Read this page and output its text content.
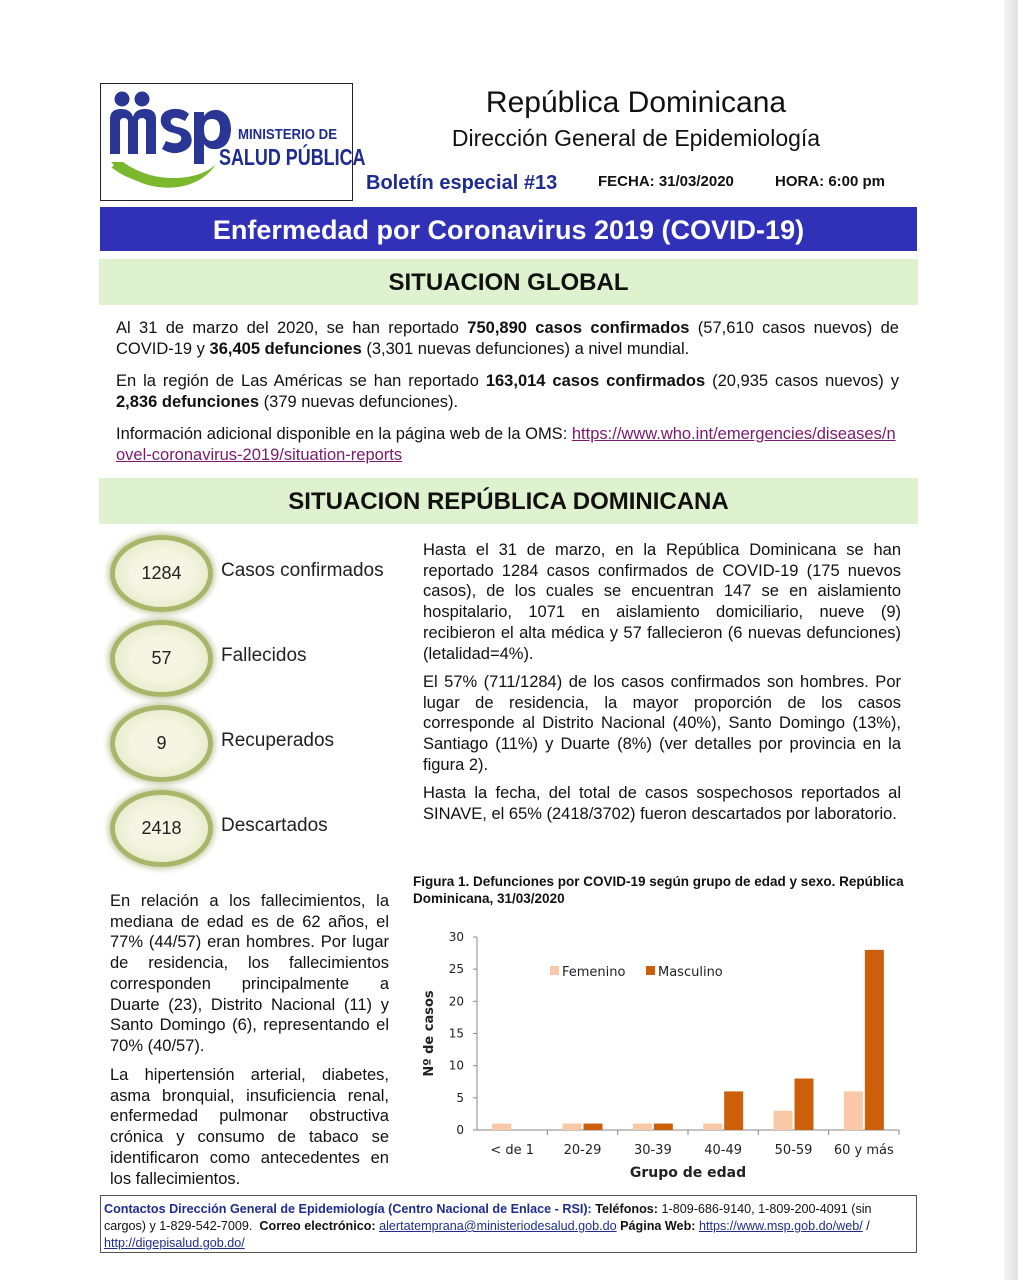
MINISTERIO DE
SALUD PÚBLICA
República Dominicana
Dirección General de Epidemiología
Boletín especial #13	FECHA: 31/03/2020	HORA: 6:00 pm
Enfermedad por Coronavirus 2019 (COVID-19)
SITUACION GLOBAL
Al 31 de marzo del 2020, se han reportado 750,890 casos confirmados (57,610 casos nuevos) de COVID-19 y 36,405 defunciones (3,301 nuevas defunciones) a nivel mundial.
En la región de Las Américas se han reportado 163,014 casos confirmados (20,935 casos nuevos) y 2,836 defunciones (379 nuevas defunciones).
Información adicional disponible en la página web de la OMS: https://www.who.int/emergencies/diseases/novel-coronavirus-2019/situation-reports
SITUACION REPÚBLICA DOMINICANA
1284	Casos confirmados
57	Fallecidos
9	Recuperados
2418	Descartados
Hasta el 31 de marzo, en la República Dominicana se han reportado 1284 casos confirmados de COVID-19 (175 nuevos casos), de los cuales se encuentran 147 se en aislamiento hospitalario, 1071 en aislamiento domiciliario, nueve (9) recibieron el alta médica y 57 fallecieron (6 nuevas defunciones) (letalidad=4%).
El 57% (711/1284) de los casos confirmados son hombres. Por lugar de residencia, la mayor proporción de los casos corresponde al Distrito Nacional (40%), Santo Domingo (13%), Santiago (11%) y Duarte (8%) (ver detalles por provincia en la figura 2).
Hasta la fecha, del total de casos sospechosos reportados al SINAVE, el 65% (2418/3702) fueron descartados por laboratorio.
En relación a los fallecimientos, la mediana de edad es de 62 años, el 77% (44/57) eran hombres. Por lugar de residencia, los fallecimientos corresponden principalmente a Duarte (23), Distrito Nacional (11) y Santo Domingo (6), representando el 70% (40/57).
La hipertensión arterial, diabetes, asma bronquial, insuficiencia renal, enfermedad pulmonar obstructiva crónica y consumo de tabaco se identificaron como antecedentes en los fallecimientos.
Figura 1. Defunciones por COVID-19 según grupo de edad y sexo. República Dominicana, 31/03/2020
0
5
10
15
20
25
30
< de 1 20-29	30-39	40-49	50-59 60 y más
Grupo de edad
Nº de casos
Femenino	Masculino
Contactos Dirección General de Epidemiología (Centro Nacional de Enlace - RSI): Teléfonos: 1-809-686-9140, 1-809-200-4091 (sin cargos) y 1-829-542-7009. Correo electrónico: alertatemprana@ministeriodesalud.gob.do Página Web: https://www.msp.gob.do/web/ / http://digepisalud.gob.do/
